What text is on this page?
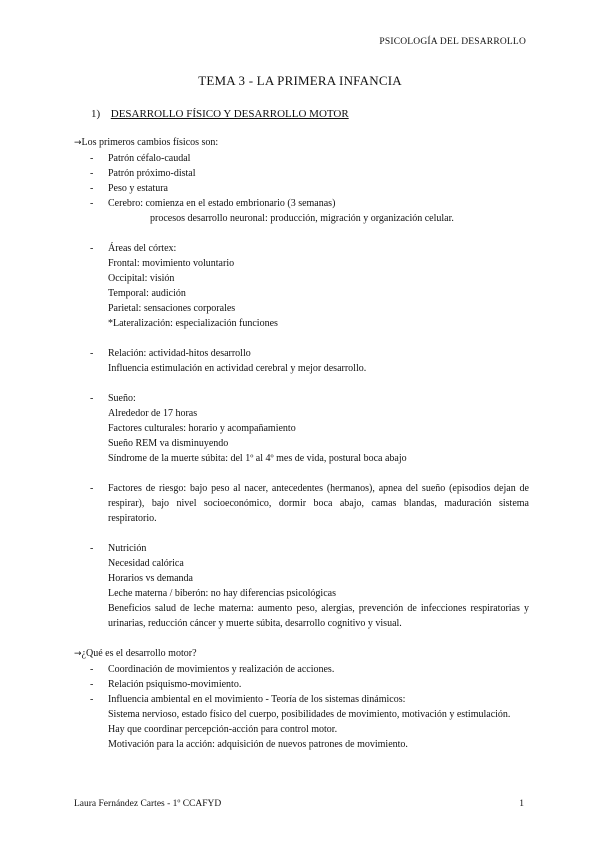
PSICOLOGÍA DEL DESARROLLO
TEMA 3 - LA PRIMERA INFANCIA
1) DESARROLLO FÍSICO Y DESARROLLO MOTOR

→Los primeros cambios físicos son:

- Patrón céfalo-caudal
- Patrón próximo-distal
- Peso y estatura
- Cerebro: comienza en el estado embrionario (3 semanas)
procesos desarrollo neuronal: producción, migración y organización celular.
- Áreas del córtex:
Frontal: movimiento voluntario
Occipital: visión
Temporal: audición
Parietal: sensaciones corporales
*Lateralización: especialización funciones
- Relación: actividad-hitos desarrollo
Influencia estimulación en actividad cerebral y mejor desarrollo.
- Sueño:
Alrededor de 17 horas
Factores culturales: horario y acompañamiento
Sueño REM va disminuyendo
Síndrome de la muerte súbita: del 1º al 4º mes de vida, postural boca abajo
- Factores de riesgo: bajo peso al nacer, antecedentes (hermanos), apnea del sueño (episodios dejan de respirar), bajo nivel socioeconómico, dormir boca abajo, camas blandas, maduración sistema respiratorio.
- Nutrición
Necesidad calórica
Horarios vs demanda
Leche materna / biberón: no hay diferencias psicológicas
Beneficios salud de leche materna: aumento peso, alergias, prevención de infecciones respiratorias y urinarias, reducción cáncer y muerte súbita, desarrollo cognitivo y visual.

→¿Qué es el desarrollo motor?

- Coordinación de movimientos y realización de acciones.
- Relación psiquismo-movimiento.
- Influencia ambiental en el movimiento - Teoría de los sistemas dinámicos:
Sistema nervioso, estado físico del cuerpo, posibilidades de movimiento, motivación y estimulación.
Hay que coordinar percepción-acción para control motor.
Motivación para la acción: adquisición de nuevos patrones de movimiento.
Laura Fernández Cartes - 1º CCAFYD	1
